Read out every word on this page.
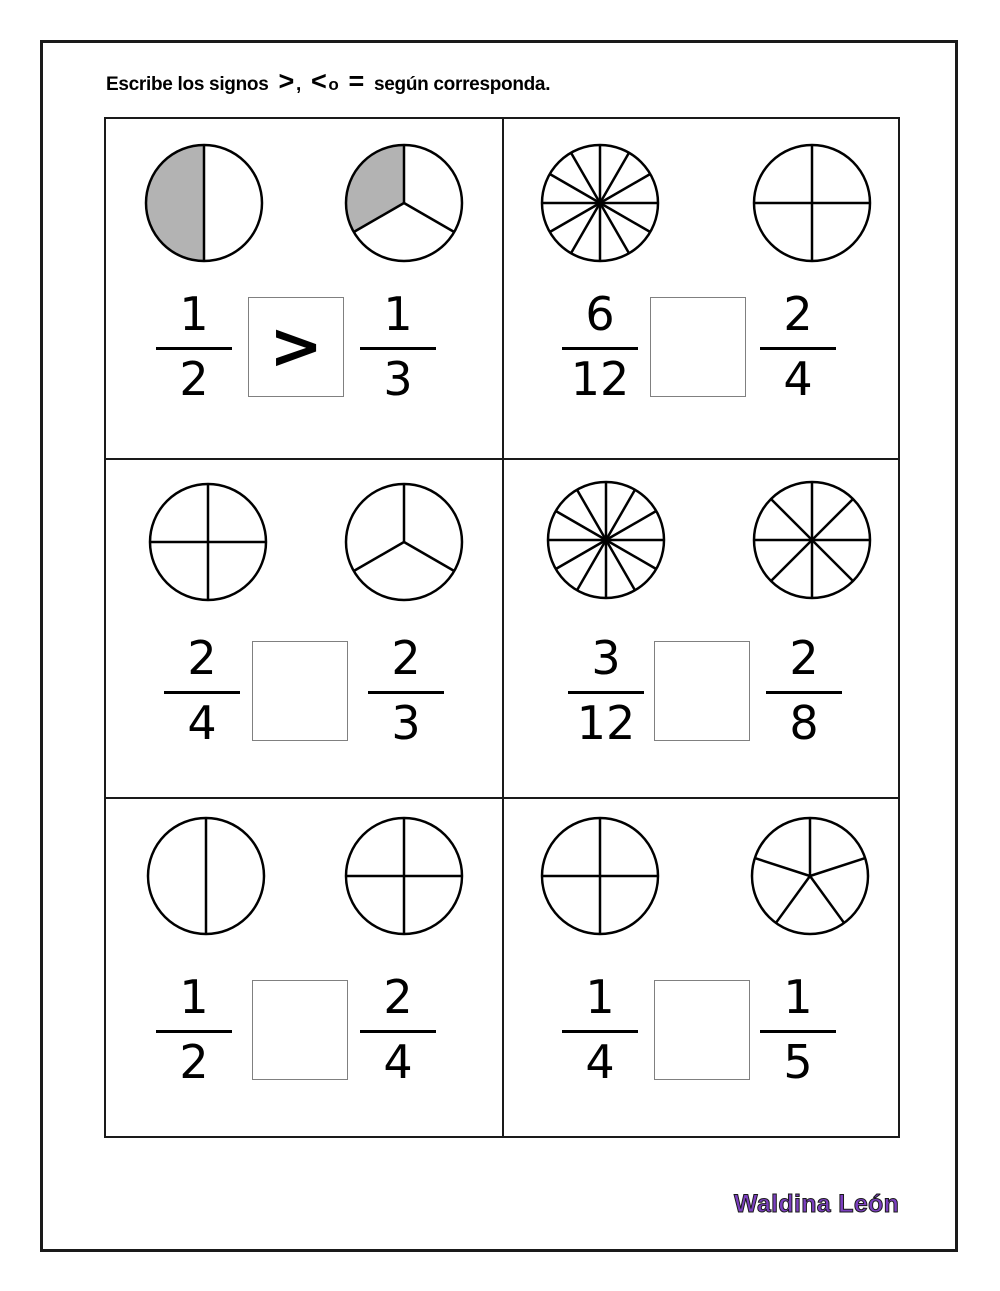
Escribe los signos > , < o = según corresponda.
1
2 >	1
3
6
12
2
4
2
4
2
3
3
12
2
8
1
2
2
4
1
4
1
5
Waldina León
